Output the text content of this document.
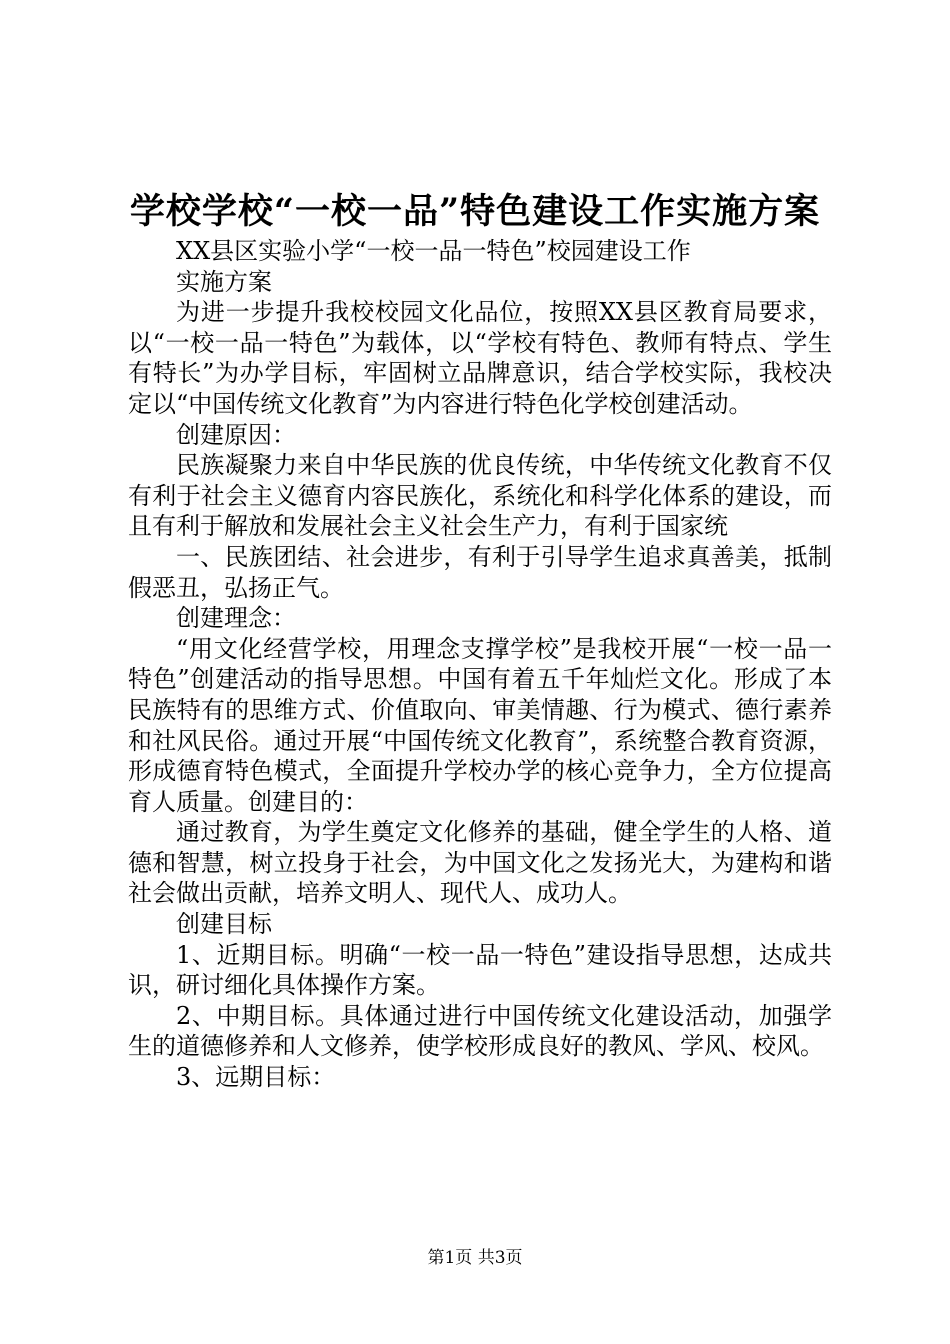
学校学校“一校一品”特色建设工作实施方案

XX县区实验小学“一校一品一特色”校园建设工作

实施方案

为进一步提升我校校园文化品位，按照XX县区教育局要求，以“一校一品一特色”为载体，以“学校有特色、教师有特点、学生有特长”为办学目标，牢固树立品牌意识，结合学校实际，我校决定以“中国传统文化教育”为内容进行特色化学校创建活动。

创建原因：

民族凝聚力来自中华民族的优良传统，中华传统文化教育不仅有利于社会主义德育内容民族化，系统化和科学化体系的建设，而且有利于解放和发展社会主义社会生产力，有利于国家统

一、民族团结、社会进步，有利于引导学生追求真善美，抵制假恶丑，弘扬正气。

创建理念：

“用文化经营学校，用理念支撑学校”是我校开展“一校一品一特色”创建活动的指导思想。中国有着五千年灿烂文化。形成了本民族特有的思维方式、价值取向、审美情趣、行为模式、德行素养和社风民俗。通过开展“中国传统文化教育”，系统整合教育资源，形成德育特色模式，全面提升学校办学的核心竞争力，全方位提高育人质量。创建目的：

通过教育，为学生奠定文化修养的基础，健全学生的人格、道德和智慧，树立投身于社会，为中国文化之发扬光大，为建构和谐社会做出贡献，培养文明人、现代人、成功人。

创建目标

1、近期目标。明确“一校一品一特色”建设指导思想，达成共识，研讨细化具体操作方案。

2、中期目标。具体通过进行中国传统文化建设活动，加强学生的道德修养和人文修养，使学校形成良好的教风、学风、校风。

3、远期目标：

第1页 共3页
